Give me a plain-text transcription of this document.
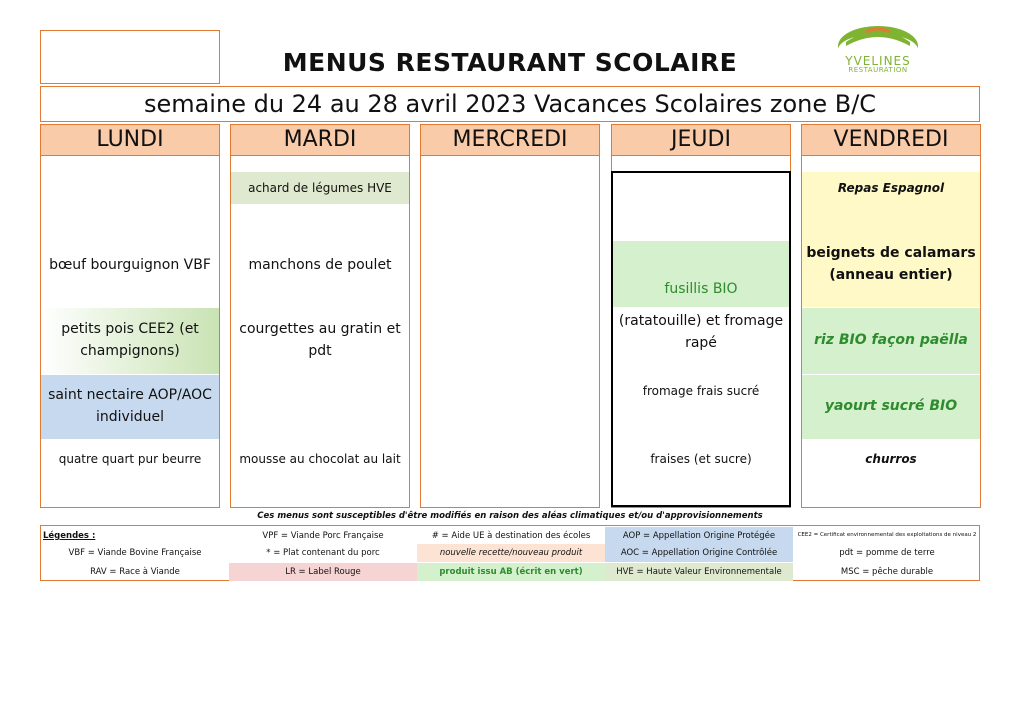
MENUS RESTAURANT SCOLAIRE	YVELINES
RESTAURATION
semaine du 24 au 28 avril 2023 Vacances Scolaires zone B/C
LUNDI
bœuf bourguignon VBF
petits pois CEE2 (et champignons)
saint nectaire AOP/AOC individuel
quatre quart pur beurre
MARDI
achard de légumes HVE
manchons de poulet
courgettes au gratin et pdt
mousse au chocolat au lait
MERCREDI	JEUDI
fusillis BIO
(ratatouille) et fromage rapé
fromage frais sucré
fraises (et sucre)
VENDREDI
Repas Espagnol
beignets de calamars (anneau entier)
riz BIO façon paëlla
yaourt sucré BIO
churros
Ces menus sont susceptibles d'être modifiés en raison des aléas climatiques et/ou d'approvisionnements
Légendes :
VBF = Viande Bovine Française
RAV = Race à Viande
VPF = Viande Porc Française
* = Plat contenant du porc
LR = Label Rouge
# = Aide UE à destination des écoles
nouvelle recette/nouveau produit
produit issu AB (écrit en vert)
AOP = Appellation Origine Protégée
AOC = Appellation Origine Contrôlée
HVE = Haute Valeur Environnementale
CEE2 = Certificat environnemental des exploitations de niveau 2
pdt = pomme de terre
MSC = pêche durable
